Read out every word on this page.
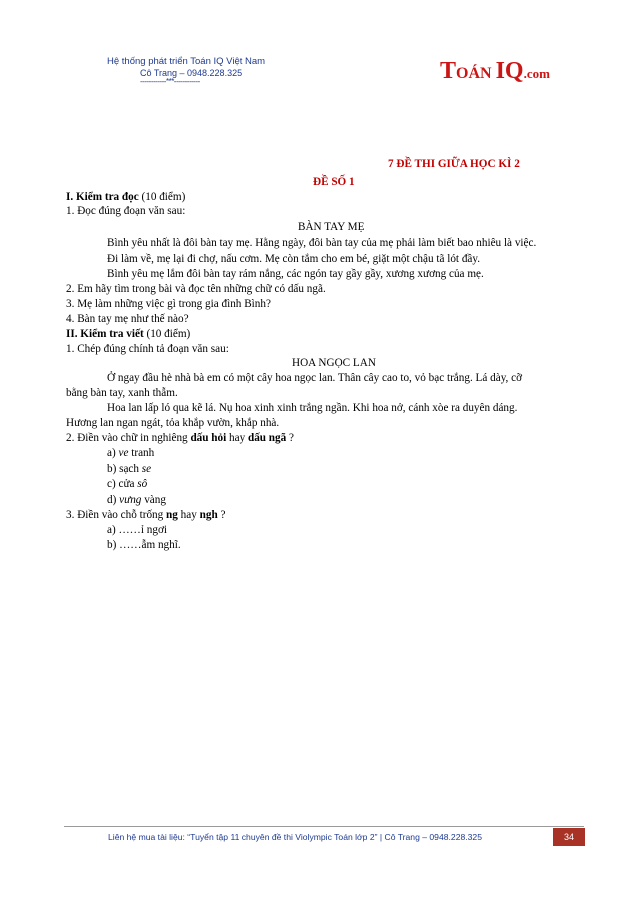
Hệ thống phát triển Toán IQ Việt Nam
Cô Trang – 0948.228.325
------------***------------	TOÁN IQ.com
7 ĐỀ THI GIỮA HỌC KÌ 2
ĐỀ SỐ 1
I. Kiểm tra đọc (10 điểm)
1. Đọc đúng đoạn văn sau:
BÀN TAY MẸ
Bình yêu nhất là đôi bàn tay mẹ. Hằng ngày, đôi bàn tay của mẹ phải làm biết bao nhiêu là việc.
Đi làm về, mẹ lại đi chợ, nấu cơm. Mẹ còn tắm cho em bé, giặt một chậu tã lót đầy.
Bình yêu mẹ lắm đôi bàn tay rám nắng, các ngón tay gầy gầy, xương xương của mẹ.
2. Em hãy tìm trong bài và đọc tên những chữ có dấu ngã.
3. Mẹ làm những việc gì trong gia đình Bình?
4. Bàn tay mẹ như thế nào?
II. Kiểm tra viết (10 điểm)
1. Chép đúng chính tả đoạn văn sau:
HOA NGỌC LAN
Ở ngay đầu hè nhà bà em có một cây hoa ngọc lan. Thân cây cao to, vỏ bạc trắng. Lá dày, cỡ
bằng bàn tay, xanh thẫm.
Hoa lan lấp ló qua kẽ lá. Nụ hoa xinh xinh trắng ngần. Khi hoa nở, cánh xòe ra duyên dáng.
Hương lan ngan ngát, tỏa khắp vườn, khắp nhà.
2. Điền vào chữ in nghiêng dấu hỏi hay dấu ngã ?
a) ve tranh
b) sạch se
c) cửa sô
d) vưng vàng
3. Điền vào chỗ trống ng hay ngh ?
a) ……ỉ ngơi
b) ……ẫm nghĩ.
Liên hệ mua tài liệu: “Tuyển tập 11 chuyên đề thi Violympic Toán lớp 2” | Cô Trang – 0948.228.325	34
